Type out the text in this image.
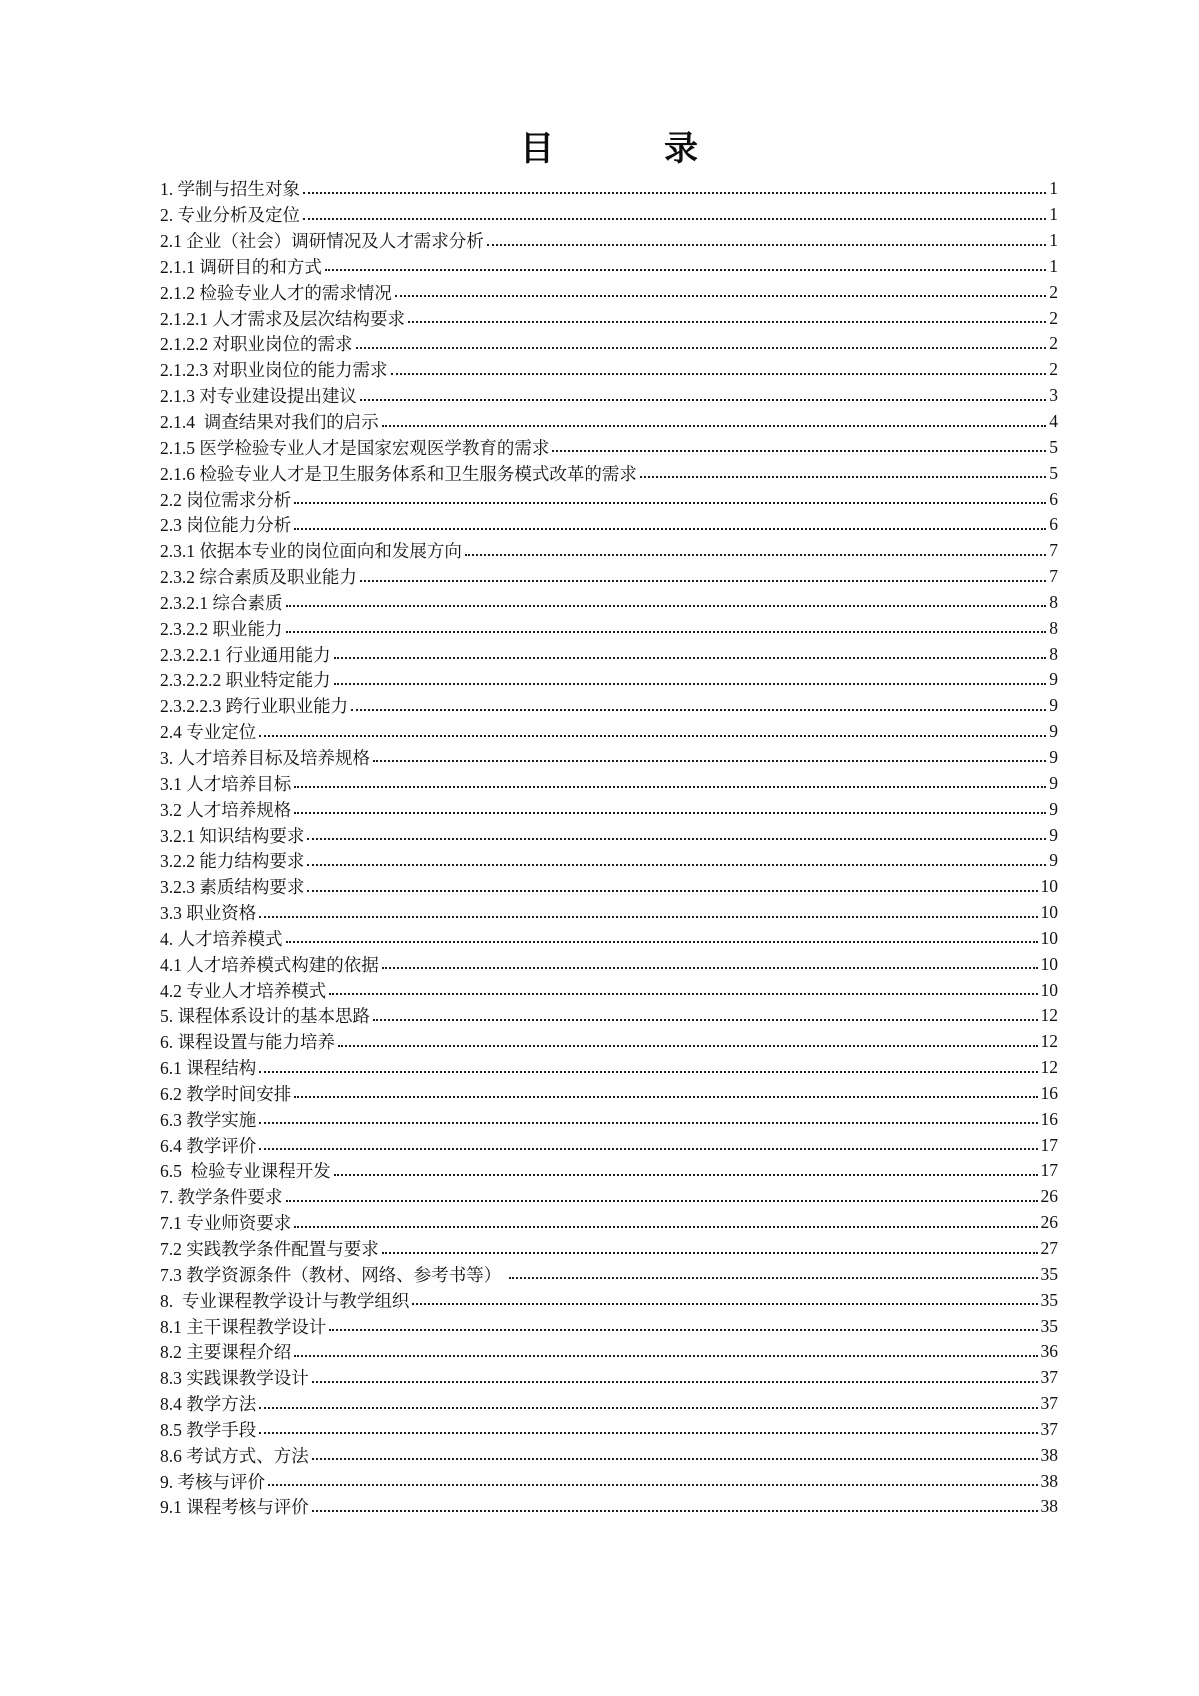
目　　　录
1. 学制与招生对象	1
2. 专业分析及定位	1
2.1 企业（社会）调研情况及人才需求分析	1
2.1.1 调研目的和方式	1
2.1.2 检验专业人才的需求情况	2
2.1.2.1 人才需求及层次结构要求	2
2.1.2.2 对职业岗位的需求	2
2.1.2.3 对职业岗位的能力需求	2
2.1.3 对专业建设提出建议	3
2.1.4  调查结果对我们的启示	4
2.1.5 医学检验专业人才是国家宏观医学教育的需求	5
2.1.6 检验专业人才是卫生服务体系和卫生服务模式改革的需求	5
2.2 岗位需求分析	6
2.3 岗位能力分析	6
2.3.1 依据本专业的岗位面向和发展方向	7
2.3.2 综合素质及职业能力	7
2.3.2.1 综合素质	8
2.3.2.2 职业能力	8
2.3.2.2.1 行业通用能力	8
2.3.2.2.2 职业特定能力	9
2.3.2.2.3 跨行业职业能力	9
2.4 专业定位	9
3. 人才培养目标及培养规格	9
3.1 人才培养目标	9
3.2 人才培养规格	9
3.2.1 知识结构要求	9
3.2.2 能力结构要求	9
3.2.3 素质结构要求	10
3.3 职业资格	10
4. 人才培养模式	10
4.1 人才培养模式构建的依据	10
4.2 专业人才培养模式	10
5. 课程体系设计的基本思路	12
6. 课程设置与能力培养	12
6.1 课程结构	12
6.2 教学时间安排	16
6.3 教学实施	16
6.4 教学评价	17
6.5  检验专业课程开发	17
7. 教学条件要求	26
7.1 专业师资要求	26
7.2 实践教学条件配置与要求	27
7.3 教学资源条件（教材、网络、参考书等）	35
8.  专业课程教学设计与教学组织	35
8.1 主干课程教学设计	35
8.2 主要课程介绍	36
8.3 实践课教学设计	37
8.4 教学方法	37
8.5 教学手段	37
8.6 考试方式、方法	38
9. 考核与评价	38
9.1 课程考核与评价	38
